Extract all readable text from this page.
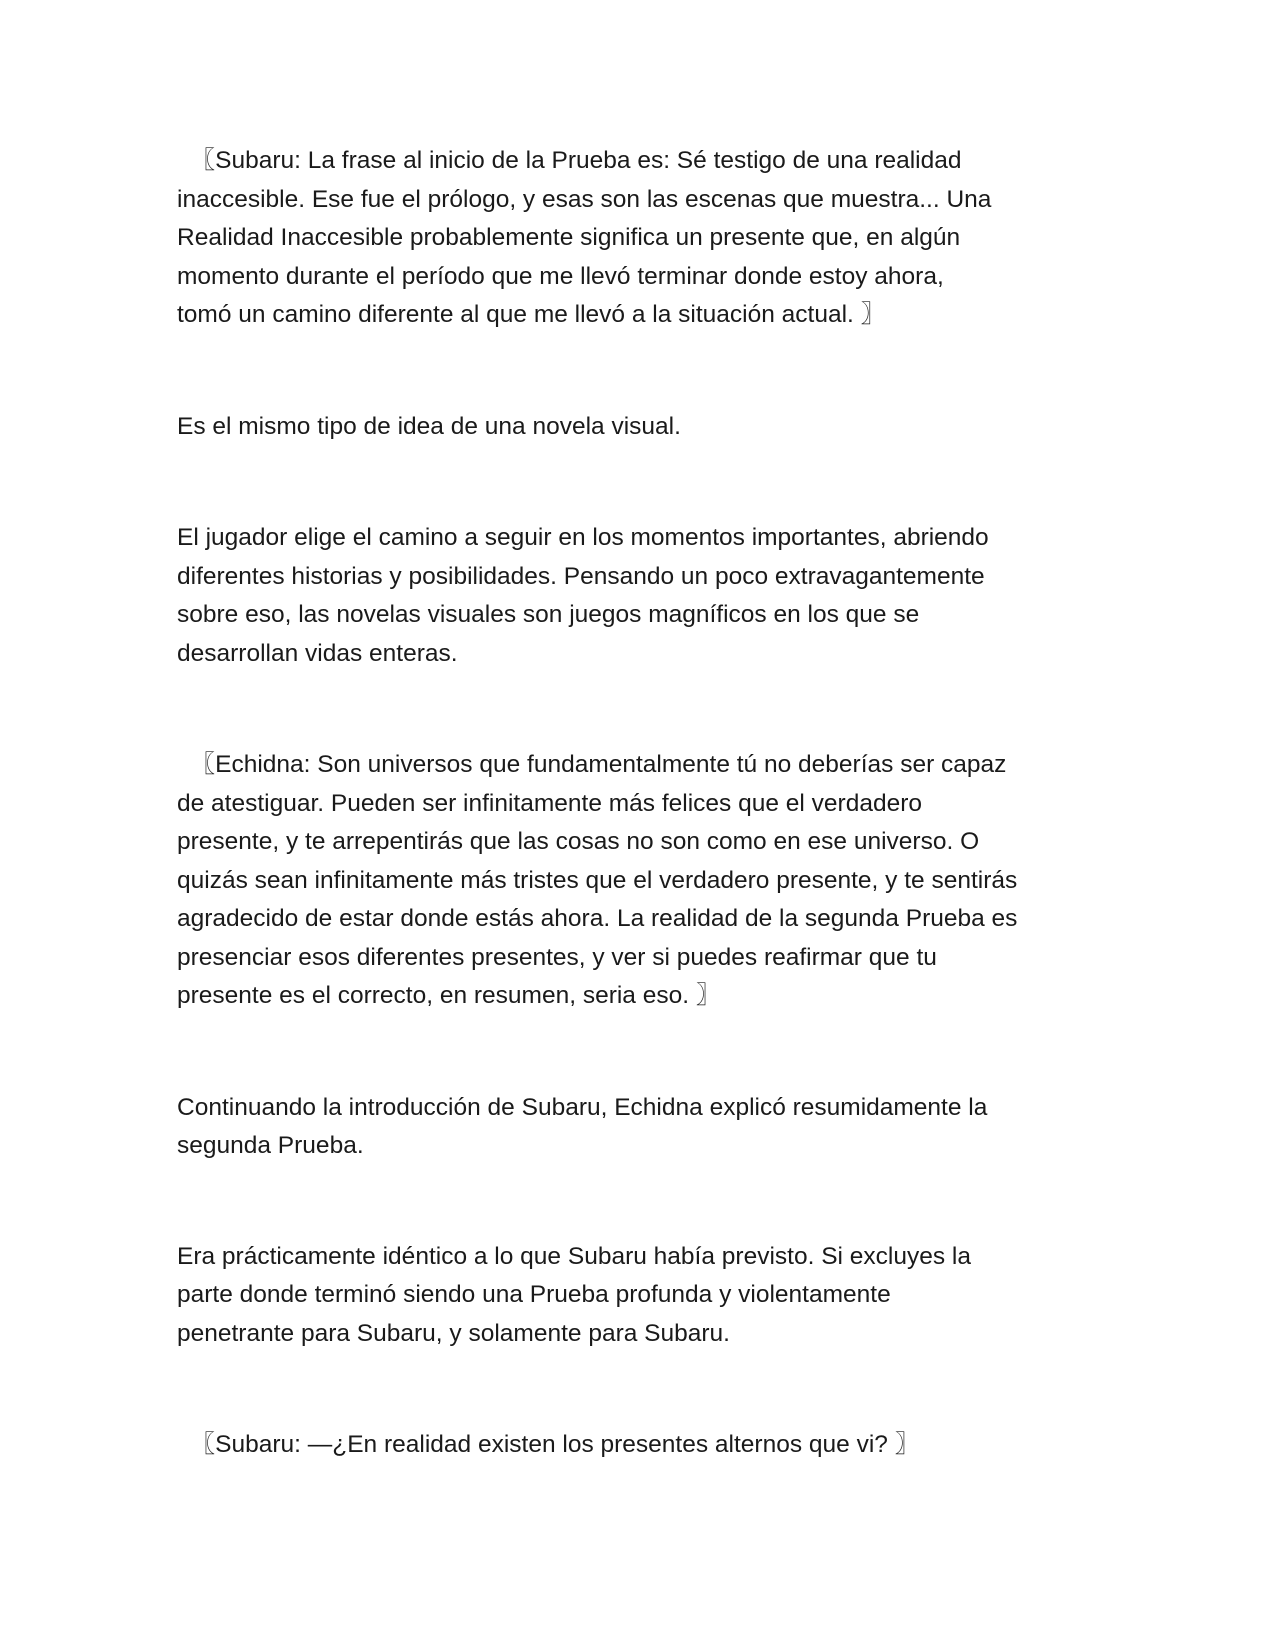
〖Subaru: La frase al inicio de la Prueba es: Sé testigo de una realidad
inaccesible. Ese fue el prólogo, y esas son las escenas que muestra... Una
Realidad Inaccesible probablemente significa un presente que, en algún
momento durante el período que me llevó terminar donde estoy ahora,
tomó un camino diferente al que me llevó a la situación actual. 〗

Es el mismo tipo de idea de una novela visual.

El jugador elige el camino a seguir en los momentos importantes, abriendo
diferentes historias y posibilidades. Pensando un poco extravagantemente
sobre eso, las novelas visuales son juegos magníficos en los que se
desarrollan vidas enteras.

〖Echidna: Son universos que fundamentalmente tú no deberías ser capaz
de atestiguar. Pueden ser infinitamente más felices que el verdadero
presente, y te arrepentirás que las cosas no son como en ese universo. O
quizás sean infinitamente más tristes que el verdadero presente, y te sentirás
agradecido de estar donde estás ahora. La realidad de la segunda Prueba es
presenciar esos diferentes presentes, y ver si puedes reafirmar que tu
presente es el correcto, en resumen, seria eso. 〗

Continuando la introducción de Subaru, Echidna explicó resumidamente la
segunda Prueba.

Era prácticamente idéntico a lo que Subaru había previsto. Si excluyes la
parte donde terminó siendo una Prueba profunda y violentamente
penetrante para Subaru, y solamente para Subaru.

〖Subaru: —¿En realidad existen los presentes alternos que vi? 〗
